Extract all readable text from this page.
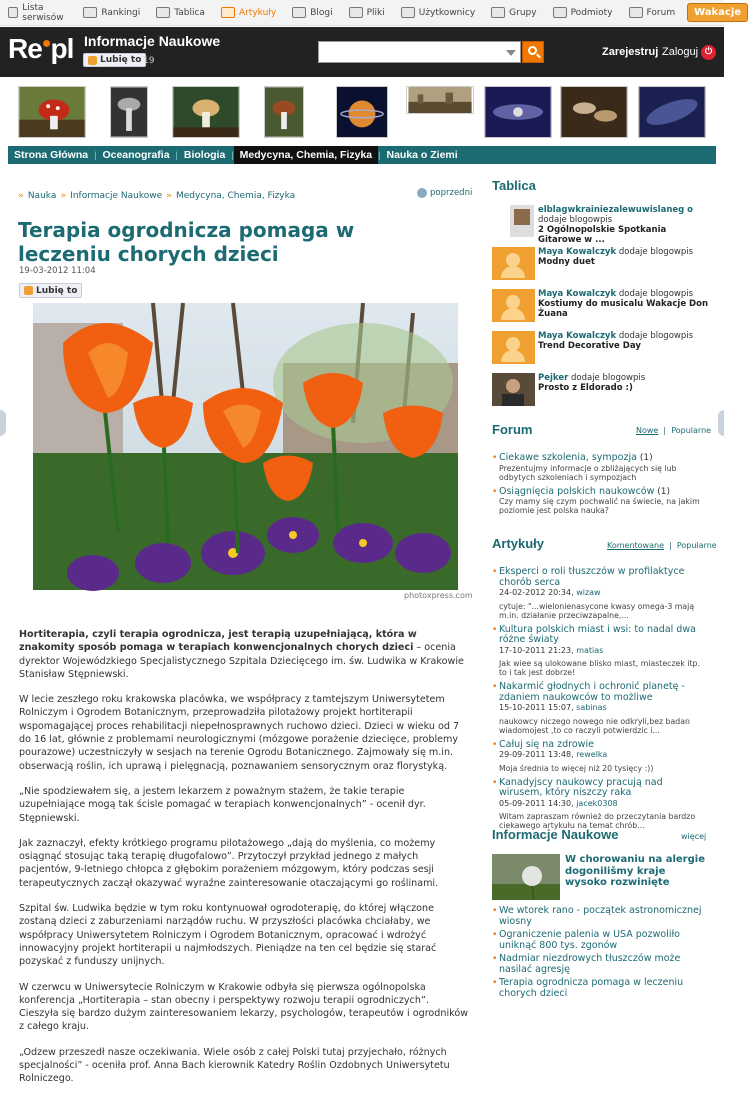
Lista serwisów	Rankingi	Tablica	Artykuły	Blogi	Pliki	Użytkownicy	Grupy	Podmioty	Forum	Wakacje
Re●pl Informacje Naukowe
Lubię to 19
Zarejestruj Zaloguj ⏻
Strona Główna | Oceanografia | Biologia | Medycyna, Chemia, Fizyka | Nauka o Ziemi
» Nauka » Informacje Naukowe » Medycyna, Chemia, Fizyka	poprzedni
Terapia ogrodnicza pomaga w leczeniu chorych dzieci
19-03-2012 11:04
Lubię to
photoxpress.com

Hortiterapia, czyli terapia ogrodnicza, jest terapią uzupełniającą, która w znakomity sposób pomaga w terapiach konwencjonalnych chorych dzieci – ocenia dyrektor Wojewódzkiego Specjalistycznego Szpitala Dziecięcego im. św. Ludwika w Krakowie Stanisław Stępniewski.

W lecie zeszłego roku krakowska placówka, we współpracy z tamtejszym Uniwersytetem Rolniczym i Ogrodem Botanicznym, przeprowadziła pilotażowy projekt hortiterapii wspomagającej proces rehabilitacji niepełnosprawnych ruchowo dzieci. Dzieci w wieku od 7 do 16 lat, głównie z problemami neurologicznymi (mózgowe porażenie dziecięce, problemy pourazowe) uczestniczyły w sesjach na terenie Ogrodu Botanicznego. Zajmowały się m.in. obserwacją roślin, ich uprawą i pielęgnacją, poznawaniem sensorycznym oraz florystyką.

„Nie spodziewałem się, a jestem lekarzem z poważnym stażem, że takie terapie uzupełniające mogą tak ścisle pomagać w terapiach konwencjonalnych” - ocenił dyr. Stępniewski.

Jak zaznaczył, efekty krótkiego programu pilotażowego „dają do myślenia, co możemy osiągnąć stosując taką terapię długofalowo”. Przytoczył przykład jednego z małych pacjentów, 9-letniego chłopca z głębokim porażeniem mózgowym, który podczas sesji terapeutycznych zaczął okazywać wyraźne zainteresowanie otaczającymi go roślinami.

Szpital św. Ludwika będzie w tym roku kontynuował ogrodoterapię, do której włączone zostaną dzieci z zaburzeniami narządów ruchu. W przyszłości placówka chciałaby, we współpracy Uniwersytetem Rolniczym i Ogrodem Botanicznym, opracować i wdrożyć innowacyjny projekt hortiterapii u najmłodszych. Pieniądze na ten cel będzie się starać pozyskać z funduszy unijnych.

W czerwcu w Uniwersytecie Rolniczym w Krakowie odbyła się pierwsza ogólnopolska konferencja „Hortiterapia – stan obecny i perspektywy rozwoju terapii ogrodniczych”. Cieszyła się bardzo dużym zainteresowaniem lekarzy, psychologów, terapeutów i ogrodników z całego kraju.

„Odzew przeszedł nasze oczekiwania. Wiele osób z całej Polski tutaj przyjechało, różnych specjalności” - oceniła prof. Anna Bach kierownik Katedry Roślin Ozdobnych Uniwersytetu Rolniczego.

Tablica
elblagwkrainiezalewuwislaneg o dodaje blogowpis
2 Ogólnopolskie Spotkania Gitarowe w ...
Maya Kowalczyk dodaje blogowpis
Modny duet
Maya Kowalczyk dodaje blogowpis
Kostiumy do musicalu Wakacje Don Żuana
Maya Kowalczyk dodaje blogowpis
Trend Decorative Day
Pejker dodaje blogowpis
Prosto z Eldorado :)
Forum	Nowe  |  Popularne
• Ciekawe szkolenia, sympozja (1)
Prezentujmy informacje o zbliżających się lub odbytych szkoleniach i sympozjach
• Osiągnięcia polskich naukowców (1)
Czy mamy się czym pochwalić na świecie, na jakim poziomie jest polska nauka?
Artykuły	Komentowane  |  Popularne
• Eksperci o roli tłuszczów w profilaktyce chorób serca
24-02-2012 20:34, wizaw
cytuje: "...wielonienasycone kwasy omega-3 mają m.in. działanie przeciwzapalne,...
• Kultura polskich miast i wsi: to nadal dwa różne światy
17-10-2011 21:23, matias
Jak wiee są ulokowane blisko miast, miasteczek itp. to i tak jest dobrze!
• Nakarmić głodnych i ochronić planetę - zdaniem naukowców to możliwe
15-10-2011 15:07, sabinas
naukowcy niczego nowego nie odkryli,bez badan wiadomojest ,to co raczyli potwierdzic i...
• Całuj się na zdrowie
29-09-2011 13:48, rewelka
Moja średnia to więcej niż 20 tysięcy :))
• Kanadyjscy naukowcy pracują nad wirusem, który niszczy raka
05-09-2011 14:30, jacek0308
Witam zapraszam również do przeczytania bardzo ciekawego artykułu na temat chrób...
Informacje Naukowe	więcej
W chorowaniu na alergie dogonilišmy kraje wysoko rozwinięte
• We wtorek rano - początek astronomicznej wiosny
• Ograniczenie palenia w USA pozwoliło uniknąć 800 tys. zgonów
• Nadmiar niezdrowych tłuszczów może nasilać agresję
• Terapia ogrodnicza pomaga w leczeniu chorych dzieci
